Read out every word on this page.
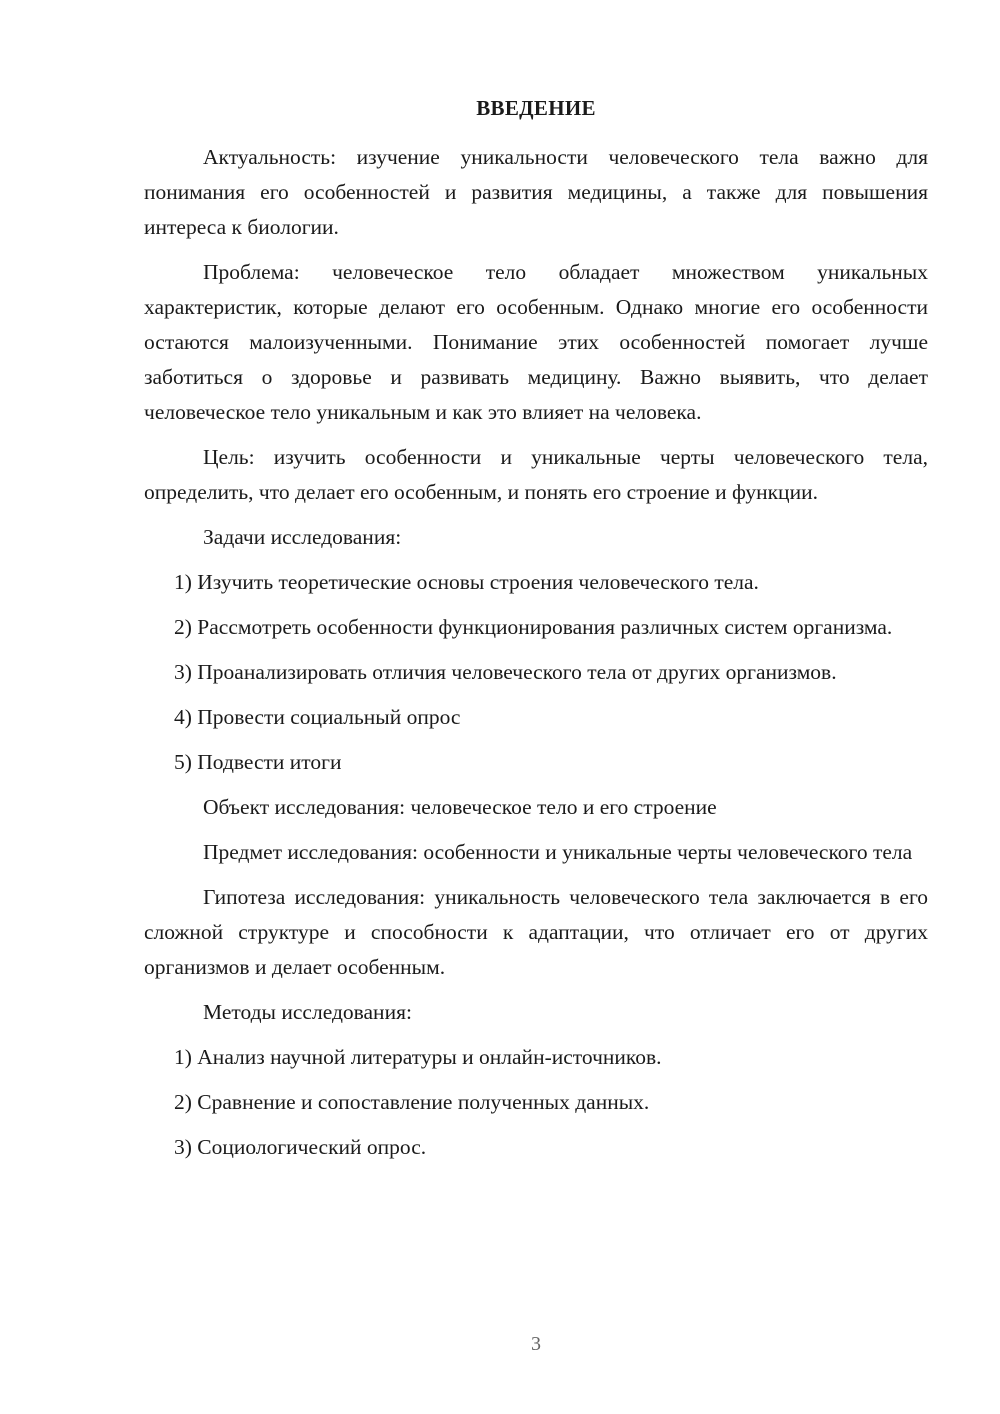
ВВЕДЕНИЕ

Актуальность: изучение уникальности человеческого тела важно для понимания его особенностей и развития медицины, а также для повышения интереса к биологии.

Проблема: человеческое тело обладает множеством уникальных характеристик, которые делают его особенным. Однако многие его особенности остаются малоизученными. Понимание этих особенностей помогает лучше заботиться о здоровье и развивать медицину. Важно выявить, что делает человеческое тело уникальным и как это влияет на человека.

Цель: изучить особенности и уникальные черты человеческого тела, определить, что делает его особенным, и понять его строение и функции.

Задачи исследования:

1) Изучить теоретические основы строения человеческого тела.

2) Рассмотреть особенности функционирования различных систем организма.

3) Проанализировать отличия человеческого тела от других организмов.

4) Провести социальный опрос

5) Подвести итоги

Объект исследования: человеческое тело и его строение

Предмет исследования: особенности и уникальные черты человеческого тела

Гипотеза исследования: уникальность человеческого тела заключается в его сложной структуре и способности к адаптации, что отличает его от других организмов и делает особенным.

Методы исследования:

1) Анализ научной литературы и онлайн-источников.

2) Сравнение и сопоставление полученных данных.

3) Социологический опрос.

3
